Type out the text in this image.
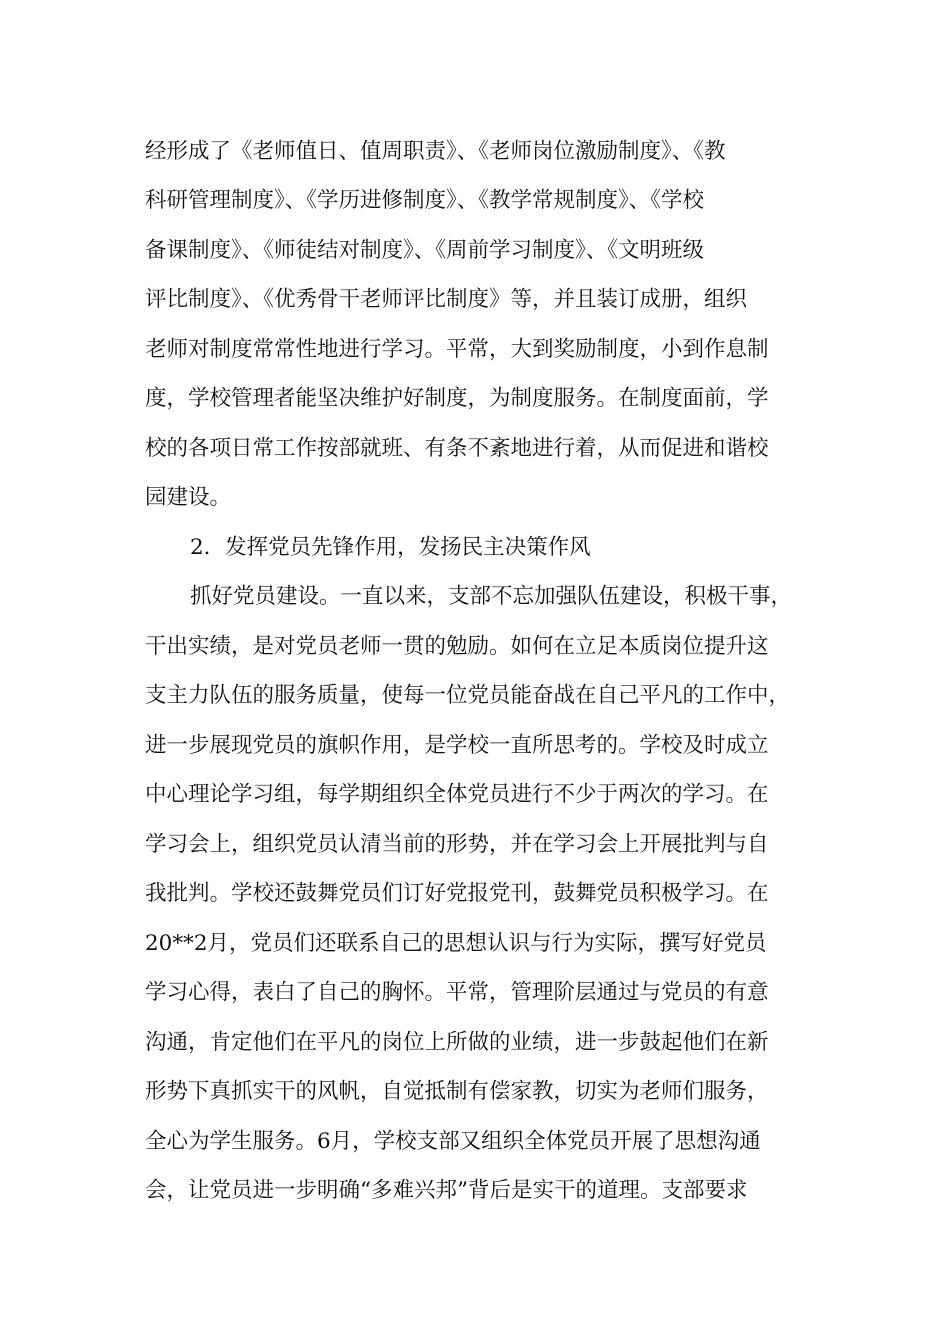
经形成了《老师值日、值周职责》、《老师岗位激励制度》、《教
科研管理制度》、《学历进修制度》、《教学常规制度》、《学校
备课制度》、《师徒结对制度》、《周前学习制度》、《文明班级
评比制度》、《优秀骨干老师评比制度》等，并且装订成册，组织
老师对制度常常性地进行学习。平常，大到奖励制度，小到作息制
度，学校管理者能坚决维护好制度，为制度服务。在制度面前，学
校的各项日常工作按部就班、有条不紊地进行着，从而促进和谐校
园建设。
2．发挥党员先锋作用，发扬民主决策作风
抓好党员建设。一直以来，支部不忘加强队伍建设，积极干事，
干出实绩，是对党员老师一贯的勉励。如何在立足本质岗位提升这
支主力队伍的服务质量，使每一位党员能奋战在自己平凡的工作中，
进一步展现党员的旗帜作用，是学校一直所思考的。学校及时成立
中心理论学习组，每学期组织全体党员进行不少于两次的学习。在
学习会上，组织党员认清当前的形势，并在学习会上开展批判与自
我批判。学校还鼓舞党员们订好党报党刊，鼓舞党员积极学习。在
20**2月，党员们还联系自己的思想认识与行为实际，撰写好党员
学习心得，表白了自己的胸怀。平常，管理阶层通过与党员的有意
沟通，肯定他们在平凡的岗位上所做的业绩，进一步鼓起他们在新
形势下真抓实干的风帆，自觉抵制有偿家教，切实为老师们服务，
全心为学生服务。6月，学校支部又组织全体党员开展了思想沟通
会，让党员进一步明确“多难兴邦”背后是实干的道理。支部要求
